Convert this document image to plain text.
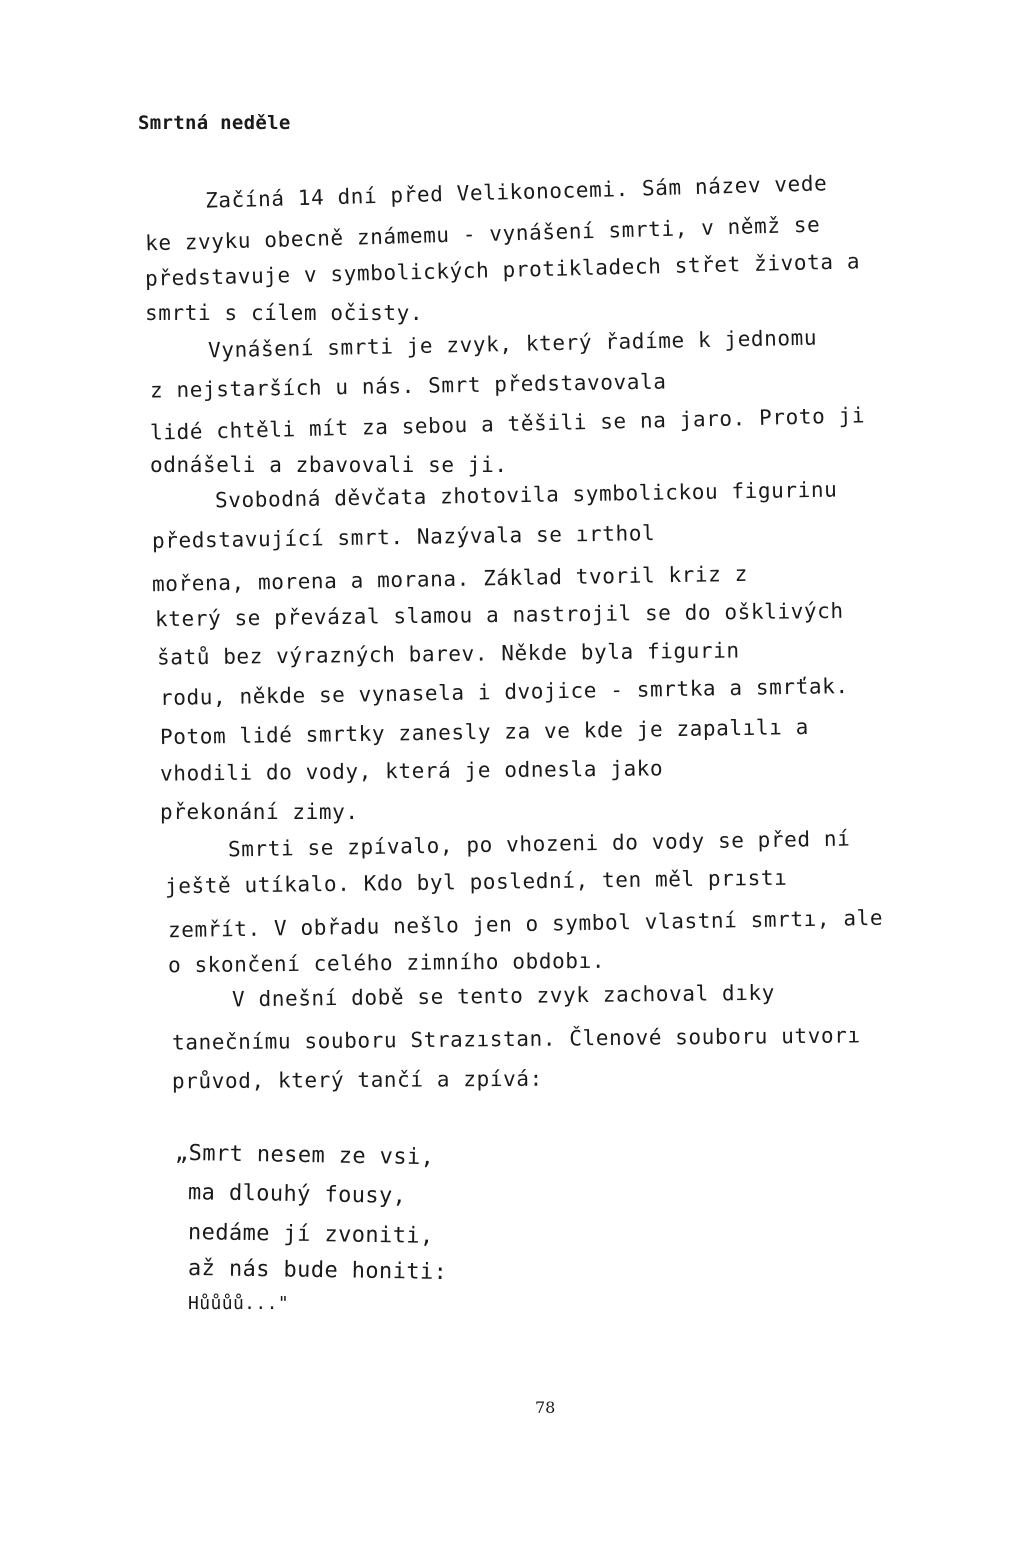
Smrtná neděle
Začíná 14 dní před Velikonocemi. Sám název vede
ke zvyku obecně známemu - vynášení smrti, v němž se
představuje v symbolických protikladech střet života a
smrti s cílem očisty.
Vynášení smrti je zvyk, který řadíme k jednomu
z nejstarších u nás. Smrt představovala
lidé chtěli mít za sebou a těšili se na jaro. Proto ji
odnášeli a zbavovali se ji.
Svobodná děvčata zhotovila symbolickou figurinu
představující smrt. Nazývala se ırthol
mořena, morena a morana. Základ tvoril kriz z
který se převázal slamou a nastrojil se do ošklivých
šatů bez výrazných barev. Někde byla figurin
rodu, někde se vynasela i dvojice - smrtka a smrťak.
Potom lidé smrtky zanesly za ve kde je zapalılı a
vhodili do vody, která je odnesla jako
překonání zimy.
Smrti se zpívalo, po vhozeni do vody se před ní
ještě utíkalo. Kdo byl poslední, ten měl prıstı
zemřít. V obřadu nešlo jen o symbol vlastní smrtı, ale
o skončení celého zimního obdobı.
V dnešní době se tento zvyk zachoval dıky
tanečnímu souboru Strazıstan. Členové souboru utvorı
průvod, který tančí a zpívá:
„Smrt nesem ze vsi,
ma dlouhý fousy,
nedáme jí zvoniti,
až nás bude honiti:
Hůůůů..."
78
